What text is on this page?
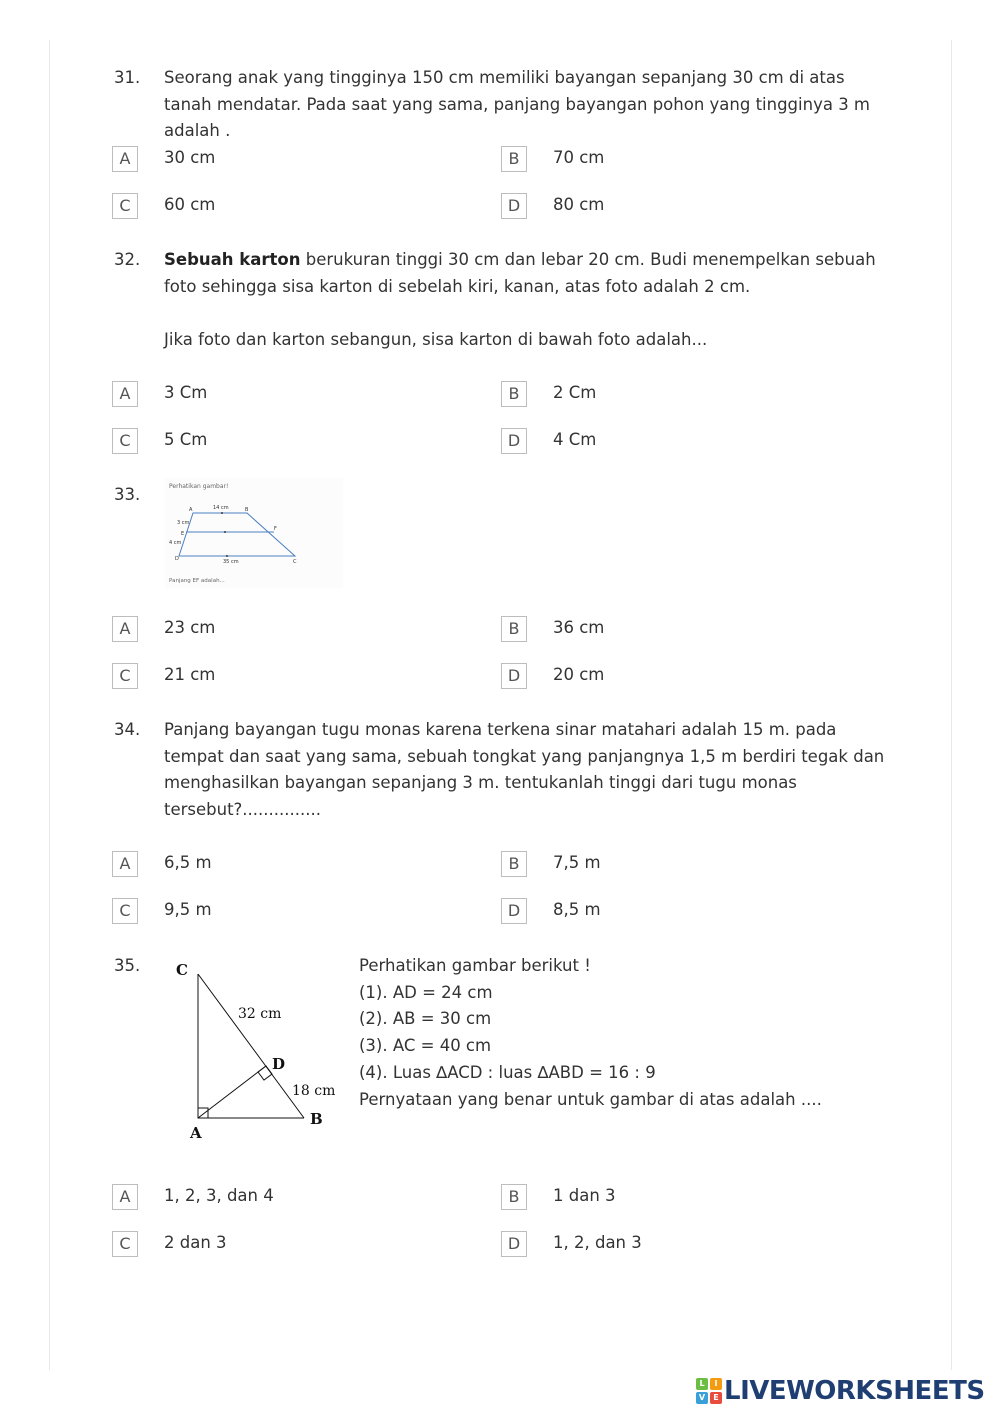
31. Seorang anak yang tingginya 150 cm memiliki bayangan sepanjang 30 cm di atas tanah mendatar. Pada saat yang sama, panjang bayangan pohon yang tingginya 3 m adalah .
A	30 cm	B	70 cm
C	60 cm	D	80 cm
32. Sebuah karton berukuran tinggi 30 cm dan lebar 20 cm. Budi menempelkan sebuah foto sehingga sisa karton di sebelah kiri, kanan, atas foto adalah 2 cm.
Jika foto dan karton sebangun, sisa karton di bawah foto adalah...
A	3 Cm	B	2 Cm
C	5 Cm	D	4 Cm
33.	Perhatikan gambar!
A	B
C
D
E
F
14 cm
35 cm
3 cm
4 cm
Panjang EF adalah...
A	23 cm	B	36 cm
C	21 cm	D	20 cm
34. Panjang bayangan tugu monas karena terkena sinar matahari adalah 15 m. pada tempat dan saat yang sama, sebuah tongkat yang panjangnya 1,5 m berdiri tegak dan menghasilkan bayangan sepanjang 3 m. tentukanlah tinggi dari tugu monas tersebut?...............
A	6,5 m	B	7,5 m
C	9,5 m	D	8,5 m
35. C
D
A
B
32 cm
18 cm
Perhatikan gambar berikut !
(1). AD = 24 cm
(2). AB = 30 cm
(3). AC = 40 cm
(4). Luas ∆ACD : luas ∆ABD = 16 : 9
Pernyataan yang benar untuk gambar di atas adalah ....
A	1, 2, 3, dan 4	B	1 dan 3
C	2 dan 3	D	1, 2, dan 3
L	I
V	E LIVEWORKSHEETS
